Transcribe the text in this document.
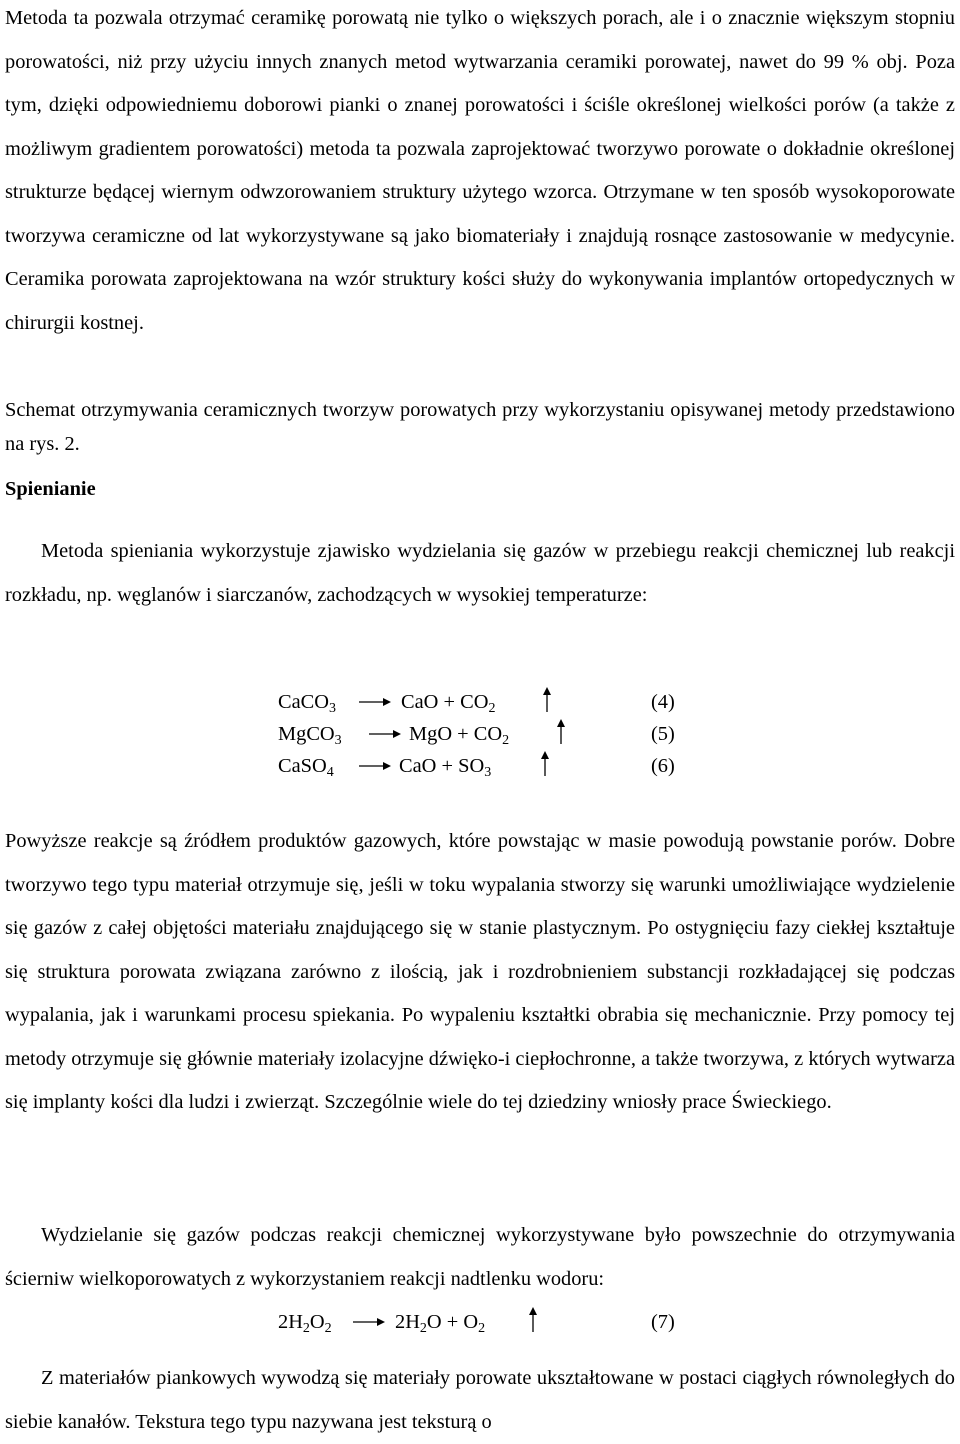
Metoda ta pozwala otrzymać ceramikę porowatą nie tylko o większych porach, ale i o znacznie większym stopniu porowatości, niż przy użyciu innych znanych metod wytwarzania ceramiki porowatej, nawet do 99 % obj. Poza tym, dzięki odpowiedniemu doborowi pianki o znanej porowatości i ściśle określonej wielkości porów (a także z możliwym gradientem porowatości) metoda ta pozwala zaprojektować tworzywo porowate o dokładnie określonej strukturze będącej wiernym odwzorowaniem struktury użytego wzorca. Otrzymane w ten sposób wysokoporowate tworzywa ceramiczne od lat wykorzystywane są jako biomateriały i znajdują rosnące zastosowanie w medycynie. Ceramika porowata zaprojektowana na wzór struktury kości służy do wykonywania implantów ortopedycznych w chirurgii kostnej.

Schemat otrzymywania ceramicznych tworzyw porowatych przy wykorzystaniu opisywanej metody przedstawiono na rys. 2.

Spienianie

Metoda spieniania wykorzystuje zjawisko wydzielania się gazów w przebiegu reakcji chemicznej lub reakcji rozkładu, np. węglanów i siarczanów, zachodzących w wysokiej temperaturze:

CaCO$_3$ → CaO + $CO_2$	(4)
MgCO$_3$ → MgO + $CO_2$	(5)
CaSO$_4$ → CaO + $SO_3$	(6)

Powyższe reakcje są źródłem produktów gazowych, które powstając w masie powodują powstanie porów. Dobre tworzywo tego typu materiał otrzymuje się, jeśli w toku wypalania stworzy się warunki umożliwiające wydzielenie się gazów z całej objętości materiału znajdującego się w stanie plastycznym. Po ostygnięciu fazy ciekłej kształtuje się struktura porowata związana zarówno z ilością, jak i rozdrobnieniem substancji rozkładającej się podczas wypalania, jak i warunkami procesu spiekania. Po wypaleniu kształtki obrabia się mechanicznie. Przy pomocy tej metody otrzymuje się głównie materiały izolacyjne dźwięko-i ciepłochronne, a także tworzywa, z których wytwarza się implanty kości dla ludzi i zwierząt. Szczególnie wiele do tej dziedziny wniosły prace Świeckiego.

Wydzielanie się gazów podczas reakcji chemicznej wykorzystywane było powszechnie do otrzymywania ścierniw wielkoporowatych z wykorzystaniem reakcji nadtlenku wodoru:

$2H_2O_2 \to 2H_2O + O_2$	(7)

Z materiałów piankowych wywodzą się materiały porowate ukształtowane w postaci ciągłych równoległych do siebie kanałów. Tekstura tego typu nazywana jest teksturą o
